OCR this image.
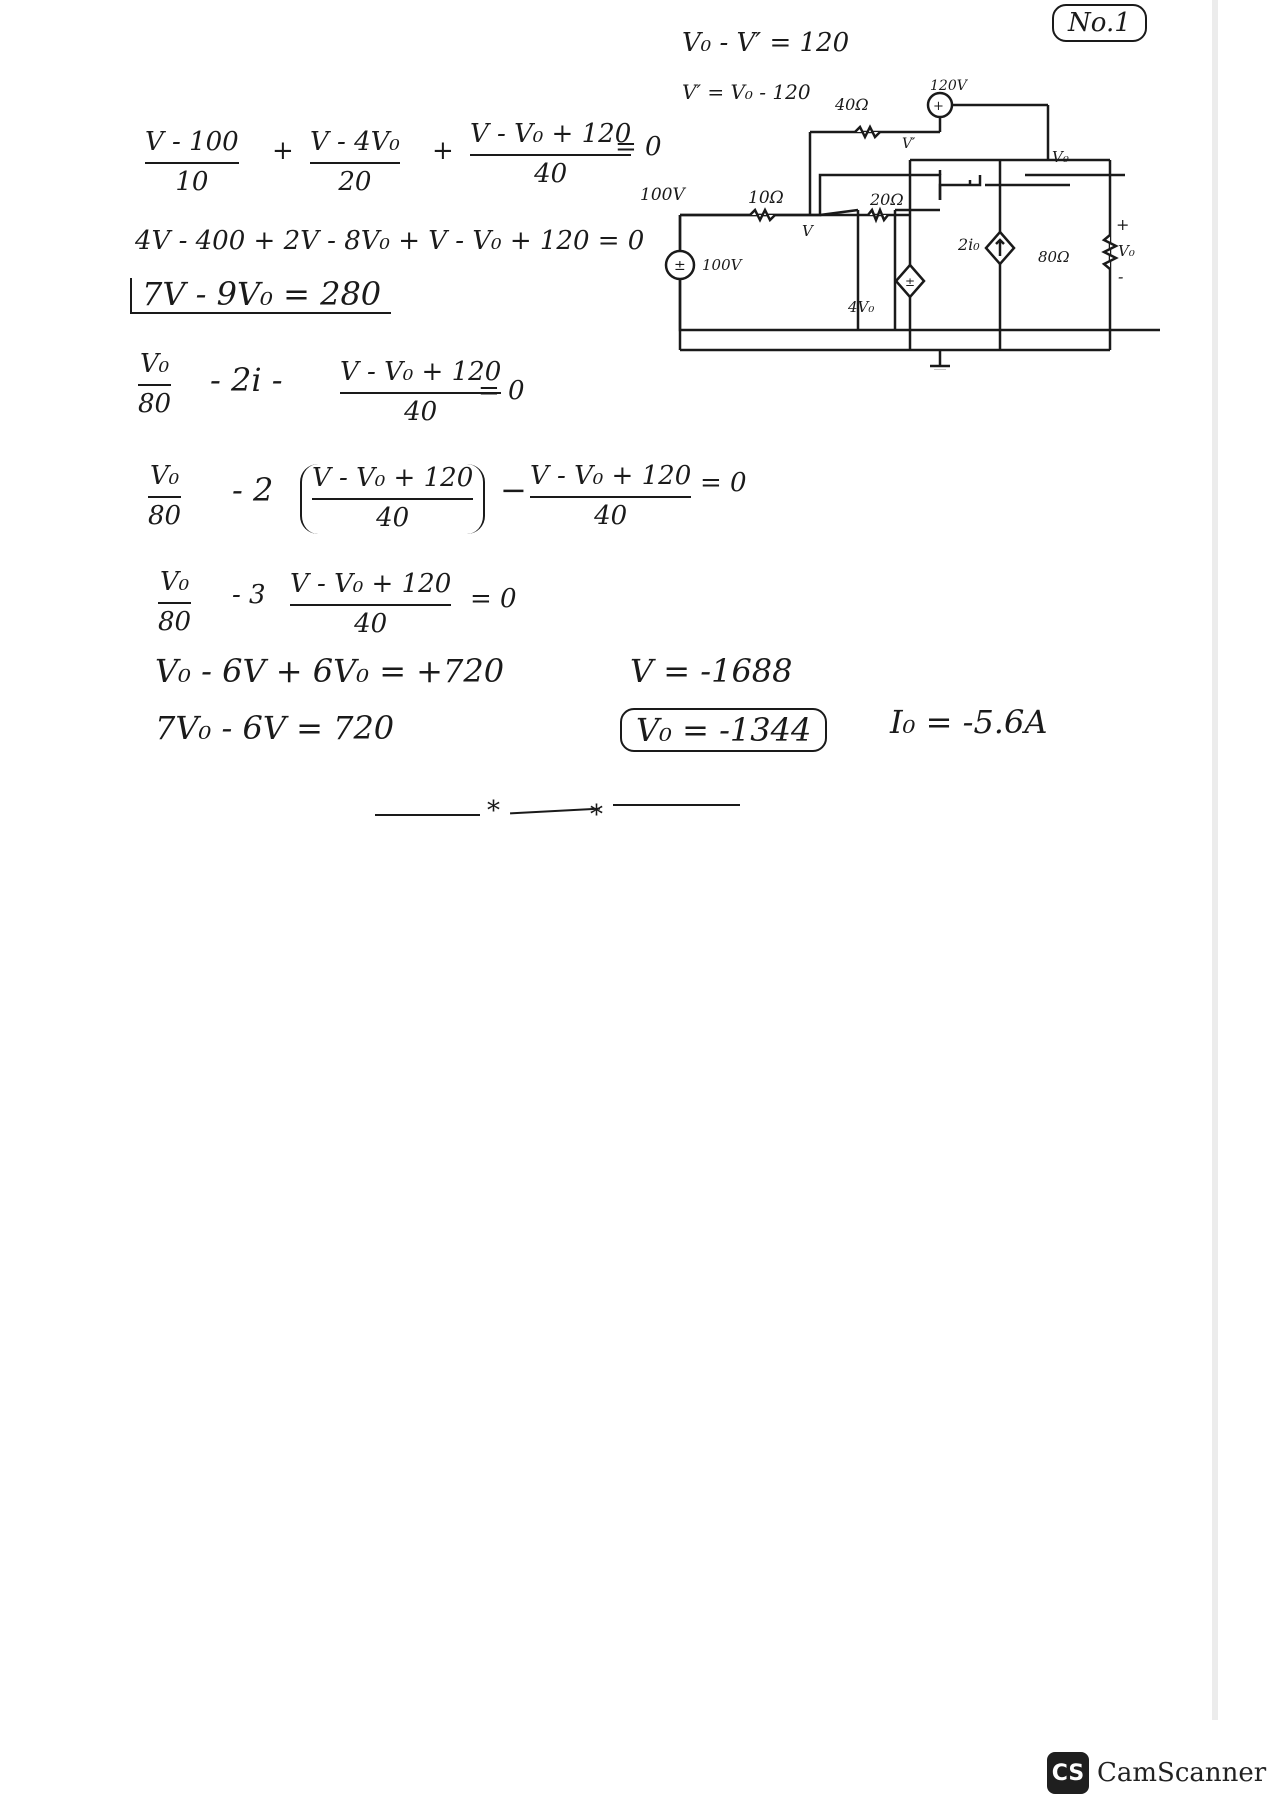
No.1
V₀ - V′ = 120
V′ = V₀ - 120
V - 100
10
+ V - 4V₀
20
+
V - V₀ + 120
40
= 0
4V - 400 + 2V - 8V₀ + V - V₀ + 120 = 0
7V - 9V₀ = 280
V₀
80
- 2i - V - V₀ + 120
40
= 0
V₀
80
- 2 V - V₀ + 120
40
− V - V₀ + 120
40
= 0
V₀
80
- 3 V - V₀ + 120
40
= 0
V₀ - 6V + 6V₀ = +720
7V₀ - 6V = 720
V = -1688
V₀ = -1344	I₀ = -5.6A
*	*
±
+
±
100V
100V
10Ω
40Ω
20Ω
120V
V
V′
4V₀
2i₀
80Ω
V₀
+
V₀
-
CS CamScanner
